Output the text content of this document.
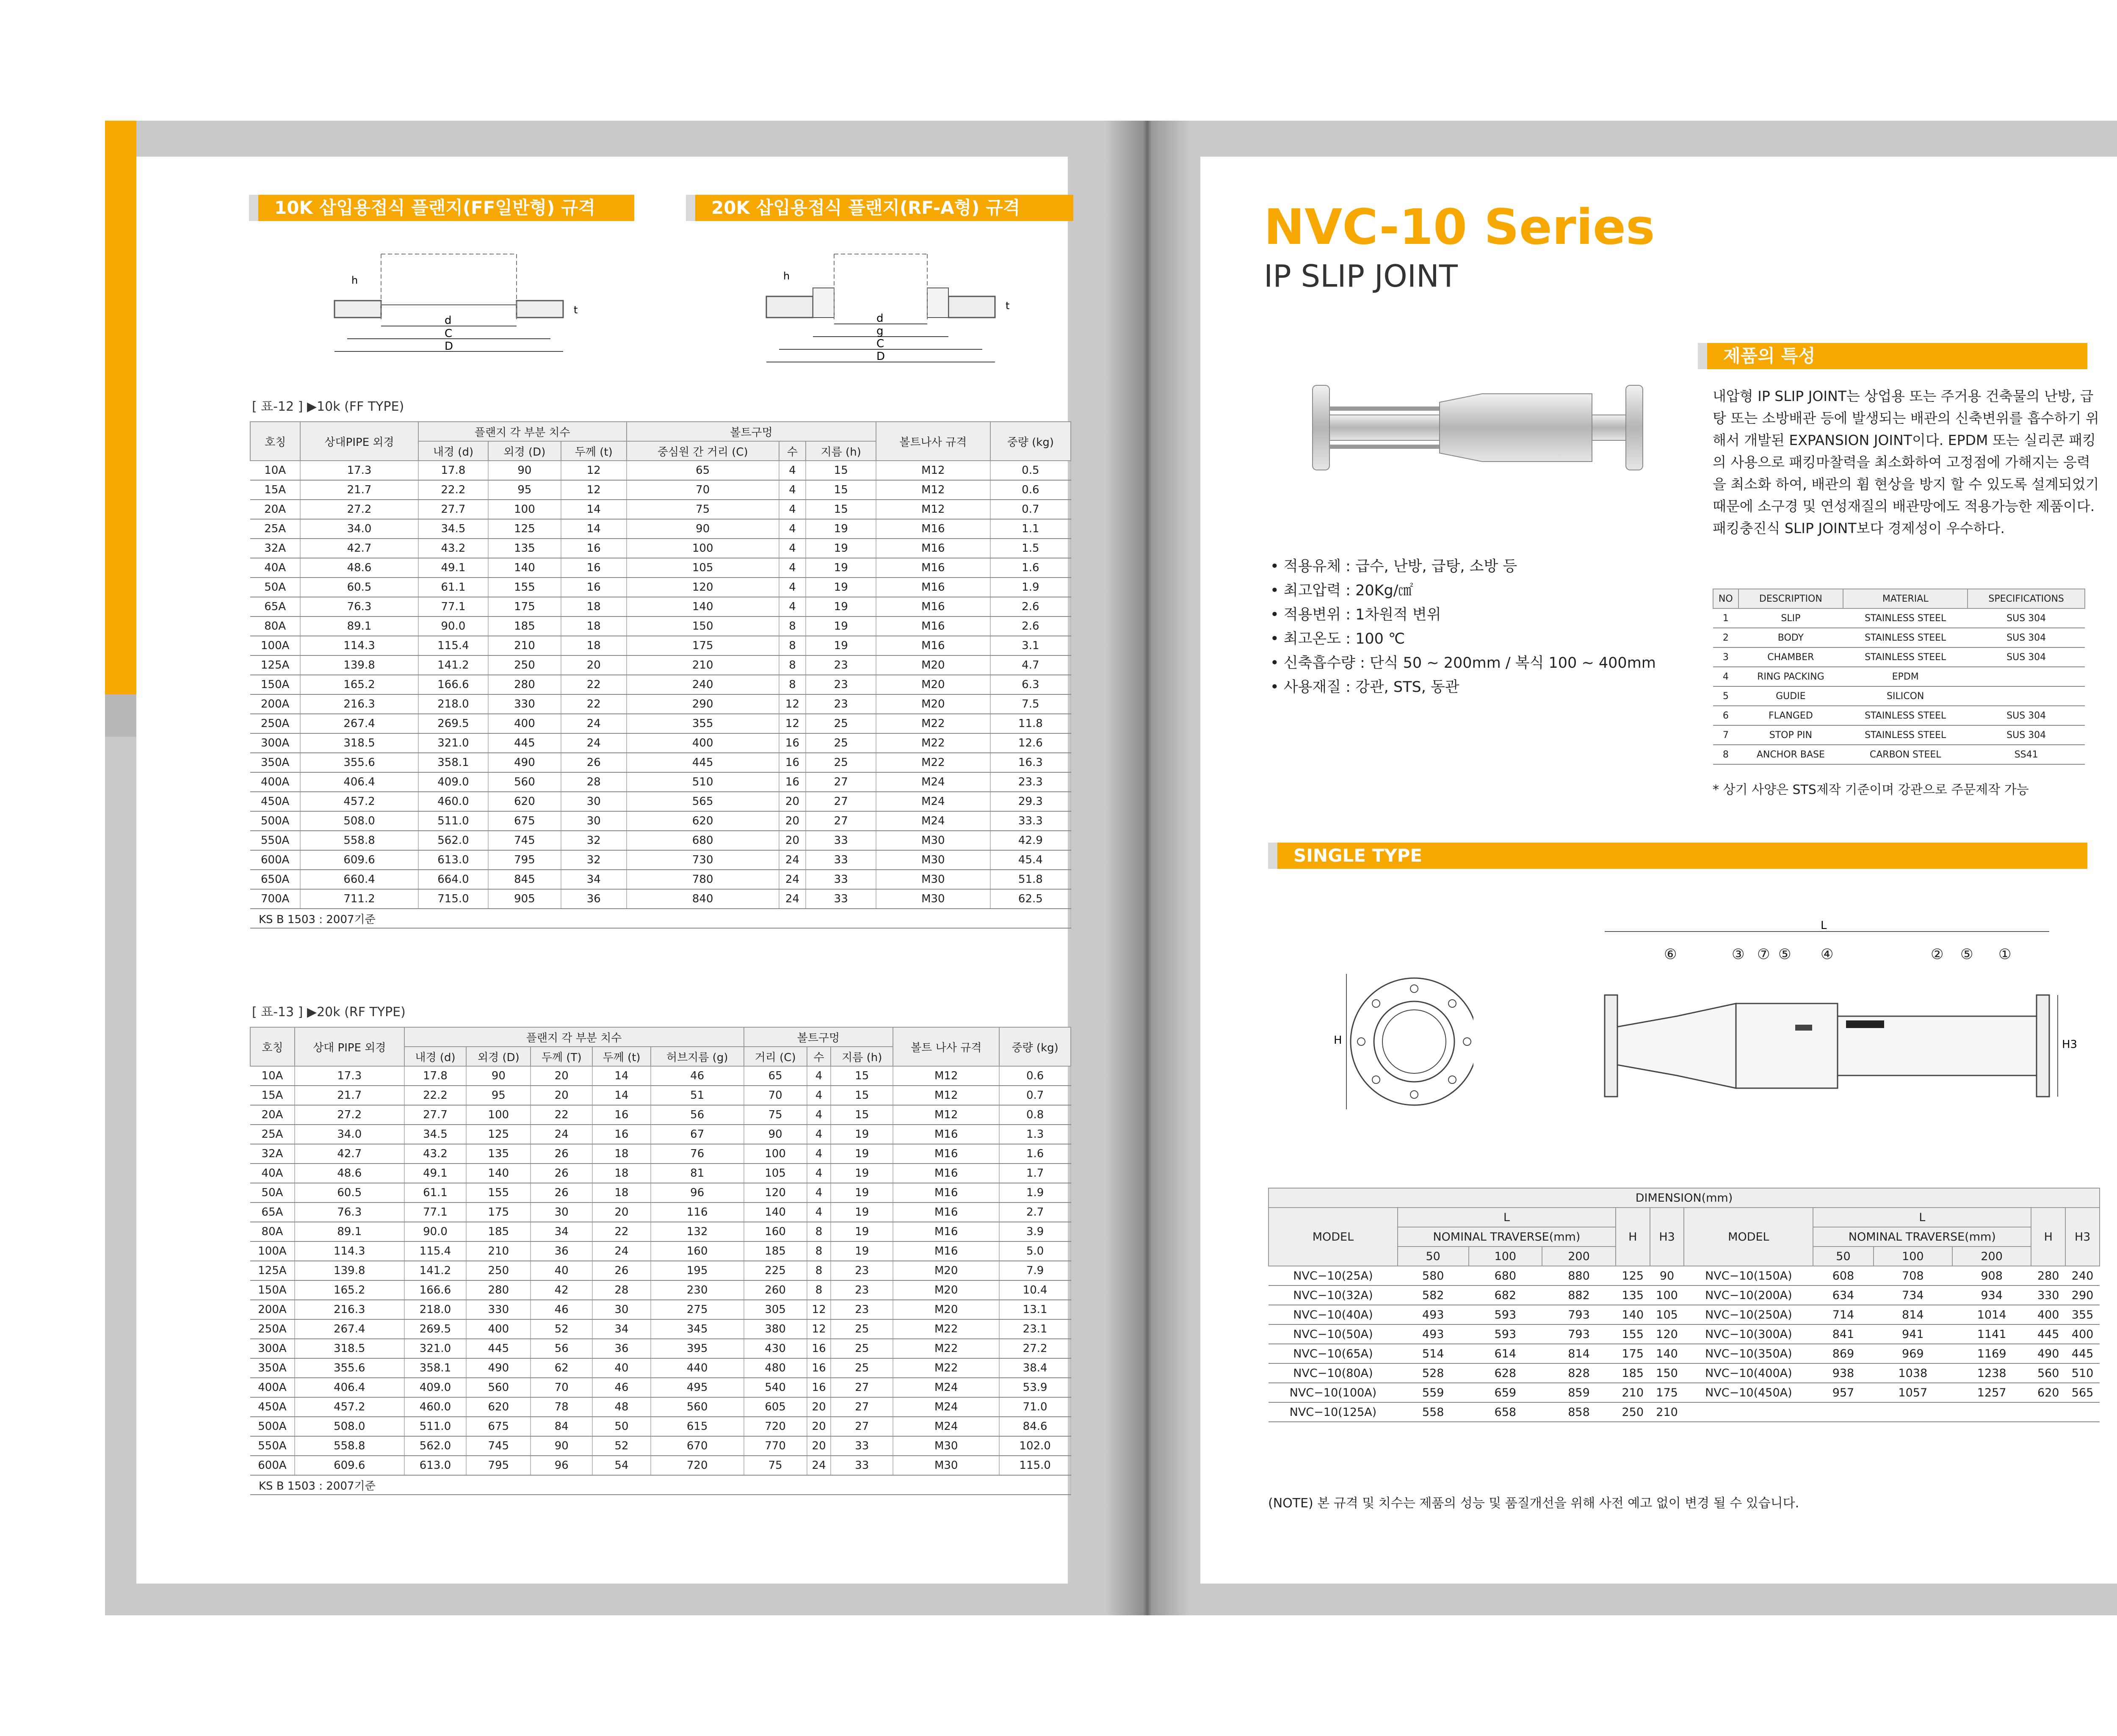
18
배관신축이론
10K 삽입용접식 플랜지(FF일반형) 규격	20K 삽입용접식 플랜지(RF-A형) 규격
d
C
D
h
t
d
g
C
D
h
t
[ 표-12 ] ▶10k (FF TYPE)
호칭	상대PIPE 외경	플랜지 각 부분 치수			볼트구멍			볼트나사 규격	중량 (kg)
		내경 (d)	외경 (D)	두께 (t)	중심원 간 거리 (C)	수	지름 (h)		
10A	17.3	17.8	90	12	65	4	15	M12	0.5
15A	21.7	22.2	95	12	70	4	15	M12	0.6
20A	27.2	27.7	100	14	75	4	15	M12	0.7
25A	34.0	34.5	125	14	90	4	19	M16	1.1
32A	42.7	43.2	135	16	100	4	19	M16	1.5
40A	48.6	49.1	140	16	105	4	19	M16	1.6
50A	60.5	61.1	155	16	120	4	19	M16	1.9
65A	76.3	77.1	175	18	140	4	19	M16	2.6
80A	89.1	90.0	185	18	150	8	19	M16	2.6
100A	114.3	115.4	210	18	175	8	19	M16	3.1
125A	139.8	141.2	250	20	210	8	23	M20	4.7
150A	165.2	166.6	280	22	240	8	23	M20	6.3
200A	216.3	218.0	330	22	290	12	23	M20	7.5
250A	267.4	269.5	400	24	355	12	25	M22	11.8
300A	318.5	321.0	445	24	400	16	25	M22	12.6
350A	355.6	358.1	490	26	445	16	25	M22	16.3
400A	406.4	409.0	560	28	510	16	27	M24	23.3
450A	457.2	460.0	620	30	565	20	27	M24	29.3
500A	508.0	511.0	675	30	620	20	27	M24	33.3
550A	558.8	562.0	745	32	680	20	33	M30	42.9
600A	609.6	613.0	795	32	730	24	33	M30	45.4
650A	660.4	664.0	845	34	780	24	33	M30	51.8
700A	711.2	715.0	905	36	840	24	33	M30	62.5
KS B 1503 : 2007기준									
[ 표-13 ] ▶20k (RF TYPE)
호칭	상대 PIPE 외경	플랜지 각 부분 치수					볼트구멍			볼트 나사 규격	중량 (kg)
		내경 (d)	외경 (D)	두께 (T)	두께 (t)	허브지름 (g)	거리 (C)	수	지름 (h)		
10A	17.3	17.8	90	20	14	46	65	4	15	M12	0.6
15A	21.7	22.2	95	20	14	51	70	4	15	M12	0.7
20A	27.2	27.7	100	22	16	56	75	4	15	M12	0.8
25A	34.0	34.5	125	24	16	67	90	4	19	M16	1.3
32A	42.7	43.2	135	26	18	76	100	4	19	M16	1.6
40A	48.6	49.1	140	26	18	81	105	4	19	M16	1.7
50A	60.5	61.1	155	26	18	96	120	4	19	M16	1.9
65A	76.3	77.1	175	30	20	116	140	4	19	M16	2.7
80A	89.1	90.0	185	34	22	132	160	8	19	M16	3.9
100A	114.3	115.4	210	36	24	160	185	8	19	M16	5.0
125A	139.8	141.2	250	40	26	195	225	8	23	M20	7.9
150A	165.2	166.6	280	42	28	230	260	8	23	M20	10.4
200A	216.3	218.0	330	46	30	275	305	12	23	M20	13.1
250A	267.4	269.5	400	52	34	345	380	12	25	M22	23.1
300A	318.5	321.0	445	56	36	395	430	16	25	M22	27.2
350A	355.6	358.1	490	62	40	440	480	16	25	M22	38.4
400A	406.4	409.0	560	70	46	495	540	16	27	M24	53.9
450A	457.2	460.0	620	78	48	560	605	20	27	M24	71.0
500A	508.0	511.0	675	84	50	615	720	20	27	M24	84.6
550A	558.8	562.0	745	90	52	670	770	20	33	M30	102.0
600A	609.6	613.0	795	96	54	720	75	24	33	M30	115.0
KS B 1503 : 2007기준											
NVC-10 Series
IP SLIP JOINT
제품의 특성
내압형 IP SLIP JOINT는 상업용 또는 주거용 건축물의 난방, 급탕 또는 소방배관 등에 발생되는 배관의 신축변위를 흡수하기 위해서 개발된 EXPANSION JOINT이다. EPDM 또는 실리콘 패킹의 사용으로 패킹마찰력을 최소화하여 고정점에 가해지는 응력을 최소화 하여, 배관의 휨 현상을 방지 할 수 있도록 설계되었기 때문에 소구경 및 연성재질의 배관망에도 적용가능한 제품이다. 패킹충진식 SLIP JOINT보다 경제성이 우수하다.
• 적용유체 : 급수, 난방, 급탕, 소방 등
• 최고압력 : 20Kg/㎠
• 적용변위 : 1차원적 변위
• 최고온도 : 100 ℃
• 신축흡수량 : 단식 50 ~ 200mm / 복식 100 ~ 400mm
• 사용재질 : 강관, STS, 동관
NO	DESCRIPTION	MATERIAL	SPECIFICATIONS
1	SLIP	STAINLESS STEEL	SUS 304
2	BODY	STAINLESS STEEL	SUS 304
3	CHAMBER	STAINLESS STEEL	SUS 304
4	RING PACKING	EPDM	
5	GUDIE	SILICON	
6	FLANGED	STAINLESS STEEL	SUS 304
7	STOP PIN	STAINLESS STEEL	SUS 304
8	ANCHOR BASE	CARBON STEEL	SS41
* 상기 사양은 STS제작 기준이며 강관으로 주문제작 가능
SINGLE TYPE
H
L
H3
⑥	③ ⑦ ⑤ ④	② ⑤ ①
DIMENSION(mm)											
MODEL	L			H	H3	MODEL	L			H	H3
	NOMINAL TRAVERSE(mm)						NOMINAL TRAVERSE(mm)				
	50	100	200				50	100	200		
NVC−10(25A)	580	680	880	125	90	NVC−10(150A)	608	708	908	280	240
NVC−10(32A)	582	682	882	135	100	NVC−10(200A)	634	734	934	330	290
NVC−10(40A)	493	593	793	140	105	NVC−10(250A)	714	814	1014	400	355
NVC−10(50A)	493	593	793	155	120	NVC−10(300A)	841	941	1141	445	400
NVC−10(65A)	514	614	814	175	140	NVC−10(350A)	869	969	1169	490	445
NVC−10(80A)	528	628	828	185	150	NVC−10(400A)	938	1038	1238	560	510
NVC−10(100A)	559	659	859	210	175	NVC−10(450A)	957	1057	1257	620	565
NVC−10(125A)	558	658	858	250	210						
(NOTE) 본 규격 및 치수는 제품의 성능 및 품질개선을 위해 사전 예고 없이 변경 될 수 있습니다.
